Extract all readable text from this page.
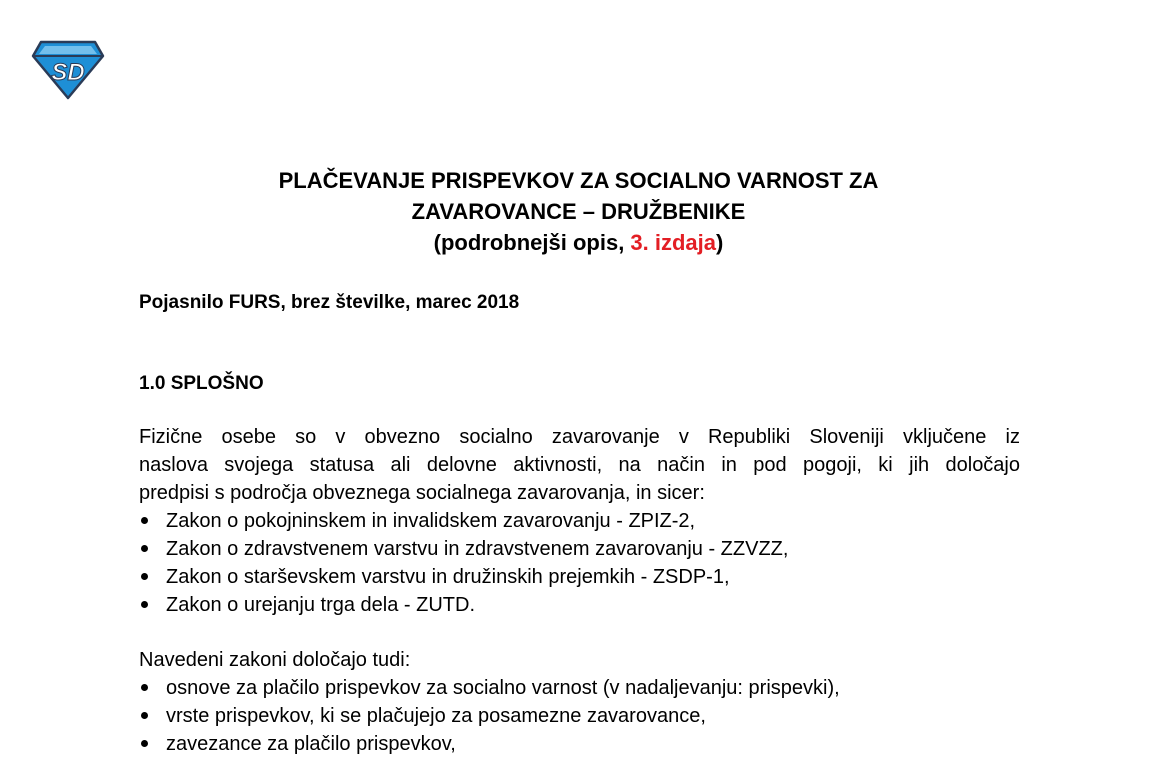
SD
PLAČEVANJE PRISPEVKOV ZA SOCIALNO VARNOST ZA
ZAVAROVANCE – DRUŽBENIKE
(podrobnejši opis, 3. izdaja)
Pojasnilo FURS, brez številke, marec 2018
1.0 SPLOŠNO
Fizične osebe so v obvezno socialno zavarovanje v Republiki Sloveniji vključene iz
naslova svojega statusa ali delovne aktivnosti, na način in pod pogoji, ki jih določajo
predpisi s področja obveznega socialnega zavarovanja, in sicer:
Zakon o pokojninskem in invalidskem zavarovanju - ZPIZ-2,
Zakon o zdravstvenem varstvu in zdravstvenem zavarovanju - ZZVZZ,
Zakon o starševskem varstvu in družinskih prejemkih - ZSDP-1,
Zakon o urejanju trga dela - ZUTD.
Navedeni zakoni določajo tudi:
osnove za plačilo prispevkov za socialno varnost (v nadaljevanju: prispevki),
vrste prispevkov, ki se plačujejo za posamezne zavarovance,
zavezance za plačilo prispevkov,
